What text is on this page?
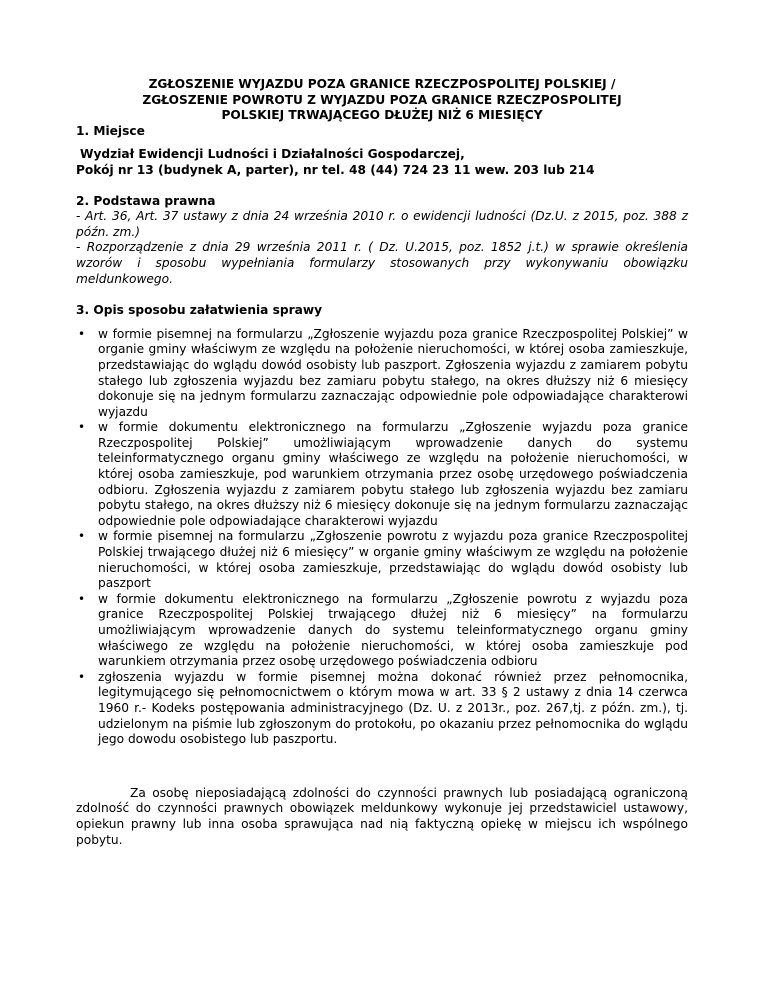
ZGŁOSZENIE WYJAZDU POZA GRANICE RZECZPOSPOLITEJ POLSKIEJ /

ZGŁOSZENIE POWROTU Z WYJAZDU POZA GRANICE RZECZPOSPOLITEJ

POLSKIEJ TRWAJĄCEGO DŁUŻEJ NIŻ 6 MIESIĘCY

1. Miejsce

Wydział Ewidencji Ludności i Działalności Gospodarczej,

Pokój nr 13 (budynek A, parter), nr tel. 48 (44) 724 23 11 wew. 203 lub 214

2. Podstawa prawna

- Art. 36, Art. 37 ustawy z dnia 24 września 2010 r. o ewidencji ludności (Dz.U. z 2015, poz. 388 z późn. zm.)

- Rozporządzenie z dnia 29 września 2011 r. ( Dz. U.2015, poz. 1852 j.t.) w sprawie określenia wzorów i sposobu wypełniania formularzy stosowanych przy wykonywaniu obowiązku meldunkowego.

3. Opis sposobu załatwienia sprawy

• w formie pisemnej na formularzu „Zgłoszenie wyjazdu poza granice Rzeczpospolitej Polskiej” w organie gminy właściwym ze względu na położenie nieruchomości, w której osoba zamieszkuje, przedstawiając do wglądu dowód osobisty lub paszport. Zgłoszenia wyjazdu z zamiarem pobytu stałego lub zgłoszenia wyjazdu bez zamiaru pobytu stałego, na okres dłuższy niż 6 miesięcy dokonuje się na jednym formularzu zaznaczając odpowiednie pole odpowiadające charakterowi wyjazdu
• w formie dokumentu elektronicznego na formularzu „Zgłoszenie wyjazdu poza granice Rzeczpospolitej Polskiej” umożliwiającym wprowadzenie danych do systemu teleinformatycznego organu gminy właściwego ze względu na położenie nieruchomości, w której osoba zamieszkuje, pod warunkiem otrzymania przez osobę urzędowego poświadczenia odbioru. Zgłoszenia wyjazdu z zamiarem pobytu stałego lub zgłoszenia wyjazdu bez zamiaru pobytu stałego, na okres dłuższy niż 6 miesięcy dokonuje się na jednym formularzu zaznaczając odpowiednie pole odpowiadające charakterowi wyjazdu
• w formie pisemnej na formularzu „Zgłoszenie powrotu z wyjazdu poza granice Rzeczpospolitej Polskiej trwającego dłużej niż 6 miesięcy” w organie gminy właściwym ze względu na położenie nieruchomości, w której osoba zamieszkuje, przedstawiając do wglądu dowód osobisty lub paszport
• w formie dokumentu elektronicznego na formularzu „Zgłoszenie powrotu z wyjazdu poza granice Rzeczpospolitej Polskiej trwającego dłużej niż 6 miesięcy” na formularzu umożliwiającym wprowadzenie danych do systemu teleinformatycznego organu gminy właściwego ze względu na położenie nieruchomości, w której osoba zamieszkuje pod warunkiem otrzymania przez osobę urzędowego poświadczenia odbioru
• zgłoszenia wyjazdu w formie pisemnej można dokonać również przez pełnomocnika, legitymującego się pełnomocnictwem o którym mowa w art. 33 § 2 ustawy z dnia 14 czerwca 1960 r.- Kodeks postępowania administracyjnego (Dz. U. z 2013r., poz. 267,tj. z późn. zm.), tj. udzielonym na piśmie lub zgłoszonym do protokołu, po okazaniu przez pełnomocnika do wglądu jego dowodu osobistego lub paszportu.

Za osobę nieposiadającą zdolności do czynności prawnych lub posiadającą ograniczoną zdolność do czynności prawnych obowiązek meldunkowy wykonuje jej przedstawiciel ustawowy, opiekun prawny lub inna osoba sprawująca nad nią faktyczną opiekę w miejscu ich wspólnego pobytu.
